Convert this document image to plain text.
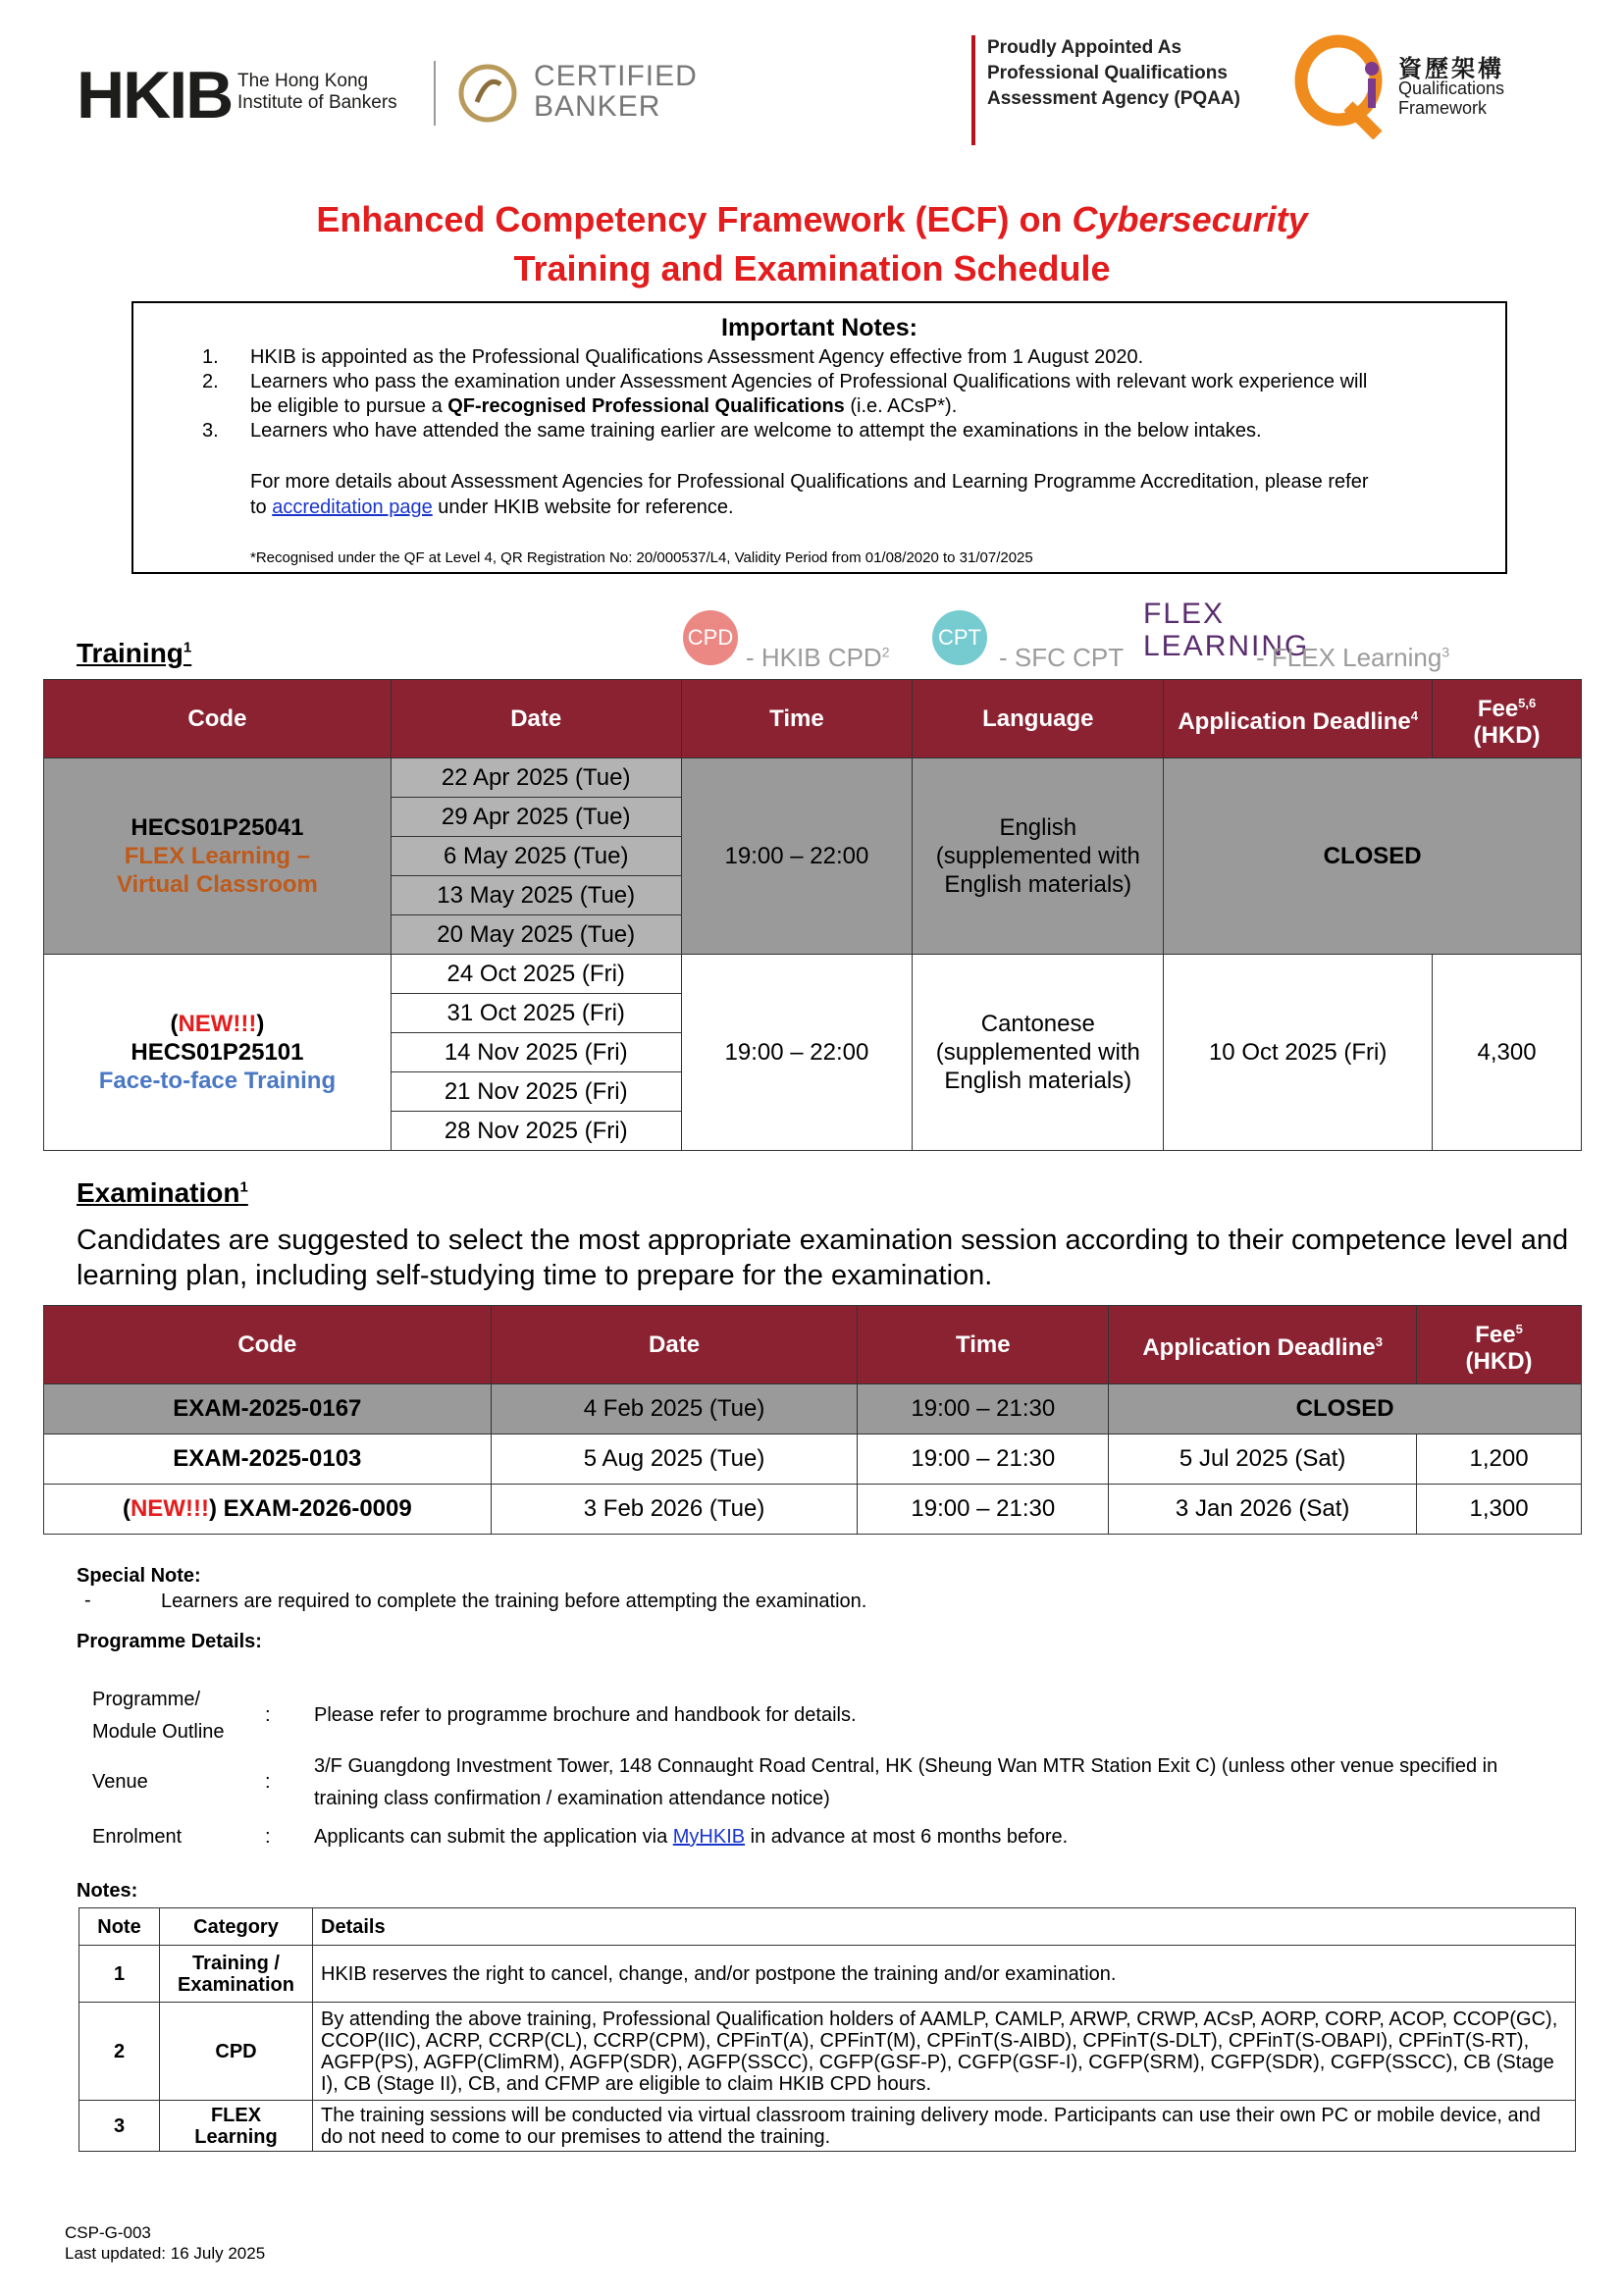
HKIB The Hong Kong Institute of Bankers
CERTIFIED BANKER
Proudly Appointed As Professional Qualifications Assessment Agency (PQAA)
資歷架構
Qualifications Framework
Enhanced Competency Framework (ECF) on Cybersecurity
Training and Examination Schedule
Important Notes:
1. HKIB is appointed as the Professional Qualifications Assessment Agency effective from 1 August 2020.
2. Learners who pass the examination under Assessment Agencies of Professional Qualifications with relevant work experience will
be eligible to pursue a QF-recognised Professional Qualifications (i.e. ACsP*).
3. Learners who have attended the same training earlier are welcome to attempt the examinations in the below intakes.
For more details about Assessment Agencies for Professional Qualifications and Learning Programme Accreditation, please refer
to accreditation page under HKIB website for reference.
*Recognised under the QF at Level 4, QR Registration No: 20/000537/L4, Validity Period from 01/08/2020 to 31/07/2025
Training$^1$	CPD
- HKIB CPD$^2$
CPT
- SFC CPT
FLEX LEARNING
- FLEX Learning$^3$
Code	Date	Time	Language	Application Deadline$^4$	Fee$^{5,6}$
(HKD)

HECS01P25041
FLEX Learning – Virtual Classroom	22 Apr 2025 (Tue)	19:00 – 22:00	English (supplemented with English materials)	CLOSED	
	29 Apr 2025 (Tue)				
	6 May 2025 (Tue)				
	13 May 2025 (Tue)				
	20 May 2025 (Tue)				

(NEW!!!)
HECS01P25101
Face-to-face Training	24 Oct 2025 (Fri)	19:00 – 22:00	Cantonese (supplemented with English materials)	10 Oct 2025 (Fri)	4,300
	31 Oct 2025 (Fri)				
	14 Nov 2025 (Fri)				
	21 Nov 2025 (Fri)				
	28 Nov 2025 (Fri)				
Examination$^1$
Candidates are suggested to select the most appropriate examination session according to their competence level and learning plan, including self-studying time to prepare for the examination.
Code	Date	Time	Application Deadline$^3$	Fee$^5$
(HKD)
EXAM-2025-0167	4 Feb 2025 (Tue)	19:00 – 21:30	CLOSED	
EXAM-2025-0103	5 Aug 2025 (Tue)	19:00 – 21:30	5 Jul 2025 (Sat)	1,200
(NEW!!!) EXAM-2026-0009	3 Feb 2026 (Tue)	19:00 – 21:30	3 Jan 2026 (Sat)	1,300
Special Note:
-	Learners are required to complete the training before attempting the examination.
Programme Details:
Programme/ Module Outline
: Please refer to programme brochure and handbook for details.
Venue	:
3/F Guangdong Investment Tower, 148 Connaught Road Central, HK (Sheung Wan MTR Station Exit C) (unless other venue specified in training class confirmation / examination attendance notice)
Enrolment	: Applicants can submit the application via MyHKIB in advance at most 6 months before.
Notes:
Note	Category	Details
1	Training / Examination	HKIB reserves the right to cancel, change, and/or postpone the training and/or examination.
2	CPD	By attending the above training, Professional Qualification holders of AAMLP, CAMLP, ARWP, CRWP, ACsP, AORP, CORP, ACOP, CCOP(GC), CCOP(IIC), ACRP, CCRP(CL), CCRP(CPM), CPFinT(A), CPFinT(M), CPFinT(S-AIBD), CPFinT(S-DLT), CPFinT(S-OBAPI), CPFinT(S-RT), AGFP(PS), AGFP(ClimRM), AGFP(SDR), AGFP(SSCC), CGFP(GSF-P), CGFP(GSF-I), CGFP(SRM), CGFP(SDR), CGFP(SSCC), CB (Stage I), CB (Stage II), CB, and CFMP are eligible to claim HKIB CPD hours.
3	FLEX Learning	The training sessions will be conducted via virtual classroom training delivery mode. Participants can use their own PC or mobile device, and do not need to come to our premises to attend the training.
CSP-G-003
Last updated: 16 July 2025
